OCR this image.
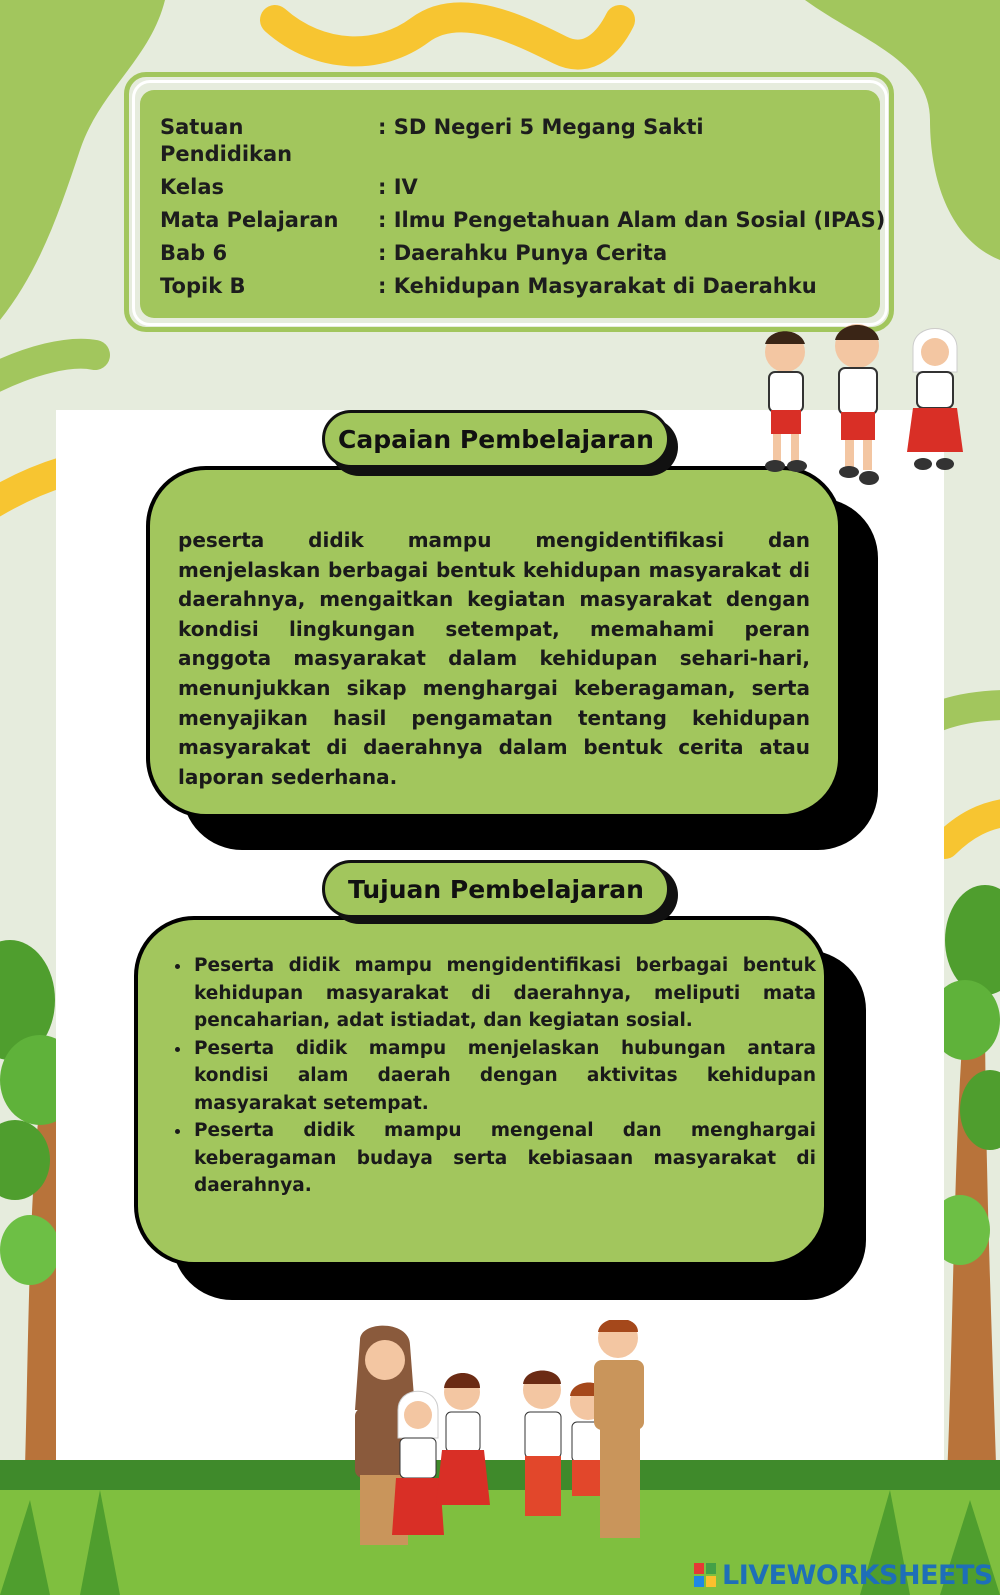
Satuan Pendidikan
: SD Negeri 5 Megang Sakti
Kelas	: IV
Mata Pelajaran	: Ilmu Pengetahuan Alam dan Sosial (IPAS)
Bab 6	: Daerahku Punya Cerita
Topik B	: Kehidupan Masyarakat di Daerahku
Capaian Pembelajaran
peserta didik mampu mengidentifikasi dan menjelaskan berbagai bentuk kehidupan masyarakat di daerahnya, mengaitkan kegiatan masyarakat dengan kondisi lingkungan setempat, memahami peran anggota masyarakat dalam kehidupan sehari-hari, menunjukkan sikap menghargai keberagaman, serta menyajikan hasil pengamatan tentang kehidupan masyarakat di daerahnya dalam bentuk cerita atau laporan sederhana.
Tujuan Pembelajaran
• Peserta didik mampu mengidentifikasi berbagai bentuk kehidupan masyarakat di daerahnya, meliputi mata pencaharian, adat istiadat, dan kegiatan sosial.
• Peserta didik mampu menjelaskan hubungan antara kondisi alam daerah dengan aktivitas kehidupan masyarakat setempat.
• Peserta didik mampu mengenal dan menghargai keberagaman budaya serta kebiasaan masyarakat di daerahnya.
LIVEWORKSHEETS
